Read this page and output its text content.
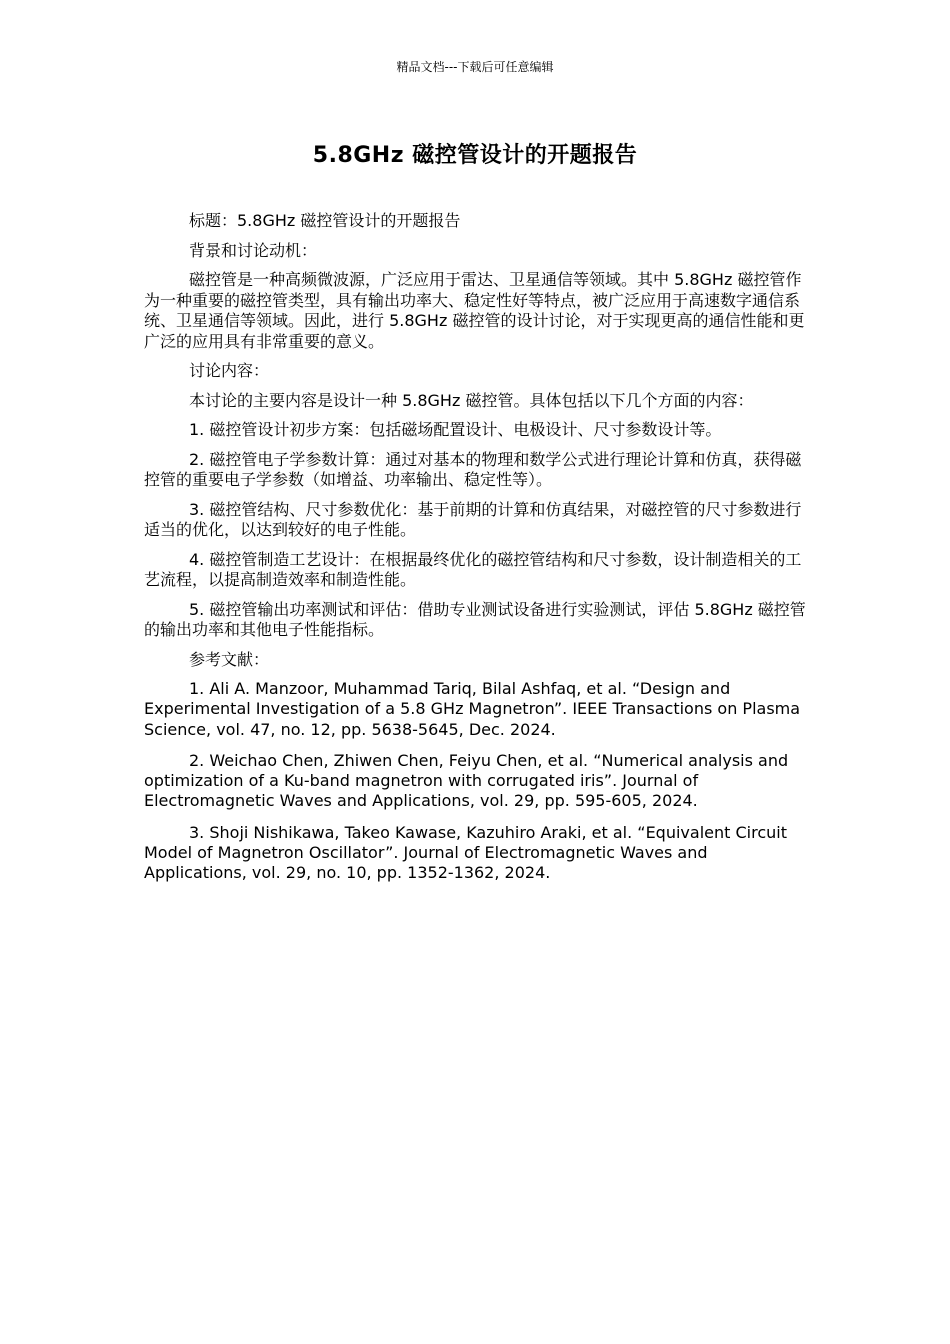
精品文档---下载后可任意编辑
5.8GHz 磁控管设计的开题报告

标题：5.8GHz 磁控管设计的开题报告

背景和讨论动机：

磁控管是一种高频微波源，广泛应用于雷达、卫星通信等领域。其中 5.8GHz 磁控管作为一种重要的磁控管类型，具有输出功率大、稳定性好等特点，被广泛应用于高速数字通信系统、卫星通信等领域。因此，进行 5.8GHz 磁控管的设计讨论，对于实现更高的通信性能和更广泛的应用具有非常重要的意义。

讨论内容：

本讨论的主要内容是设计一种 5.8GHz 磁控管。具体包括以下几个方面的内容：

1. 磁控管设计初步方案：包括磁场配置设计、电极设计、尺寸参数设计等。

2. 磁控管电子学参数计算：通过对基本的物理和数学公式进行理论计算和仿真，获得磁控管的重要电子学参数（如增益、功率输出、稳定性等）。

3. 磁控管结构、尺寸参数优化：基于前期的计算和仿真结果，对磁控管的尺寸参数进行适当的优化，以达到较好的电子性能。

4. 磁控管制造工艺设计：在根据最终优化的磁控管结构和尺寸参数，设计制造相关的工艺流程，以提高制造效率和制造性能。

5. 磁控管输出功率测试和评估：借助专业测试设备进行实验测试，评估 5.8GHz 磁控管的输出功率和其他电子性能指标。

参考文献：

1. Ali A. Manzoor, Muhammad Tariq, Bilal Ashfaq, et al. “Design and Experimental Investigation of a 5.8 GHz Magnetron”. IEEE Transactions on Plasma Science, vol. 47, no. 12, pp. 5638-5645, Dec. 2024.

2. Weichao Chen, Zhiwen Chen, Feiyu Chen, et al. “Numerical analysis and optimization of a Ku-band magnetron with corrugated iris”. Journal of Electromagnetic Waves and Applications, vol. 29, pp. 595-605, 2024.

3. Shoji Nishikawa, Takeo Kawase, Kazuhiro Araki, et al. “Equivalent Circuit Model of Magnetron Oscillator”. Journal of Electromagnetic Waves and Applications, vol. 29, no. 10, pp. 1352-1362, 2024.
